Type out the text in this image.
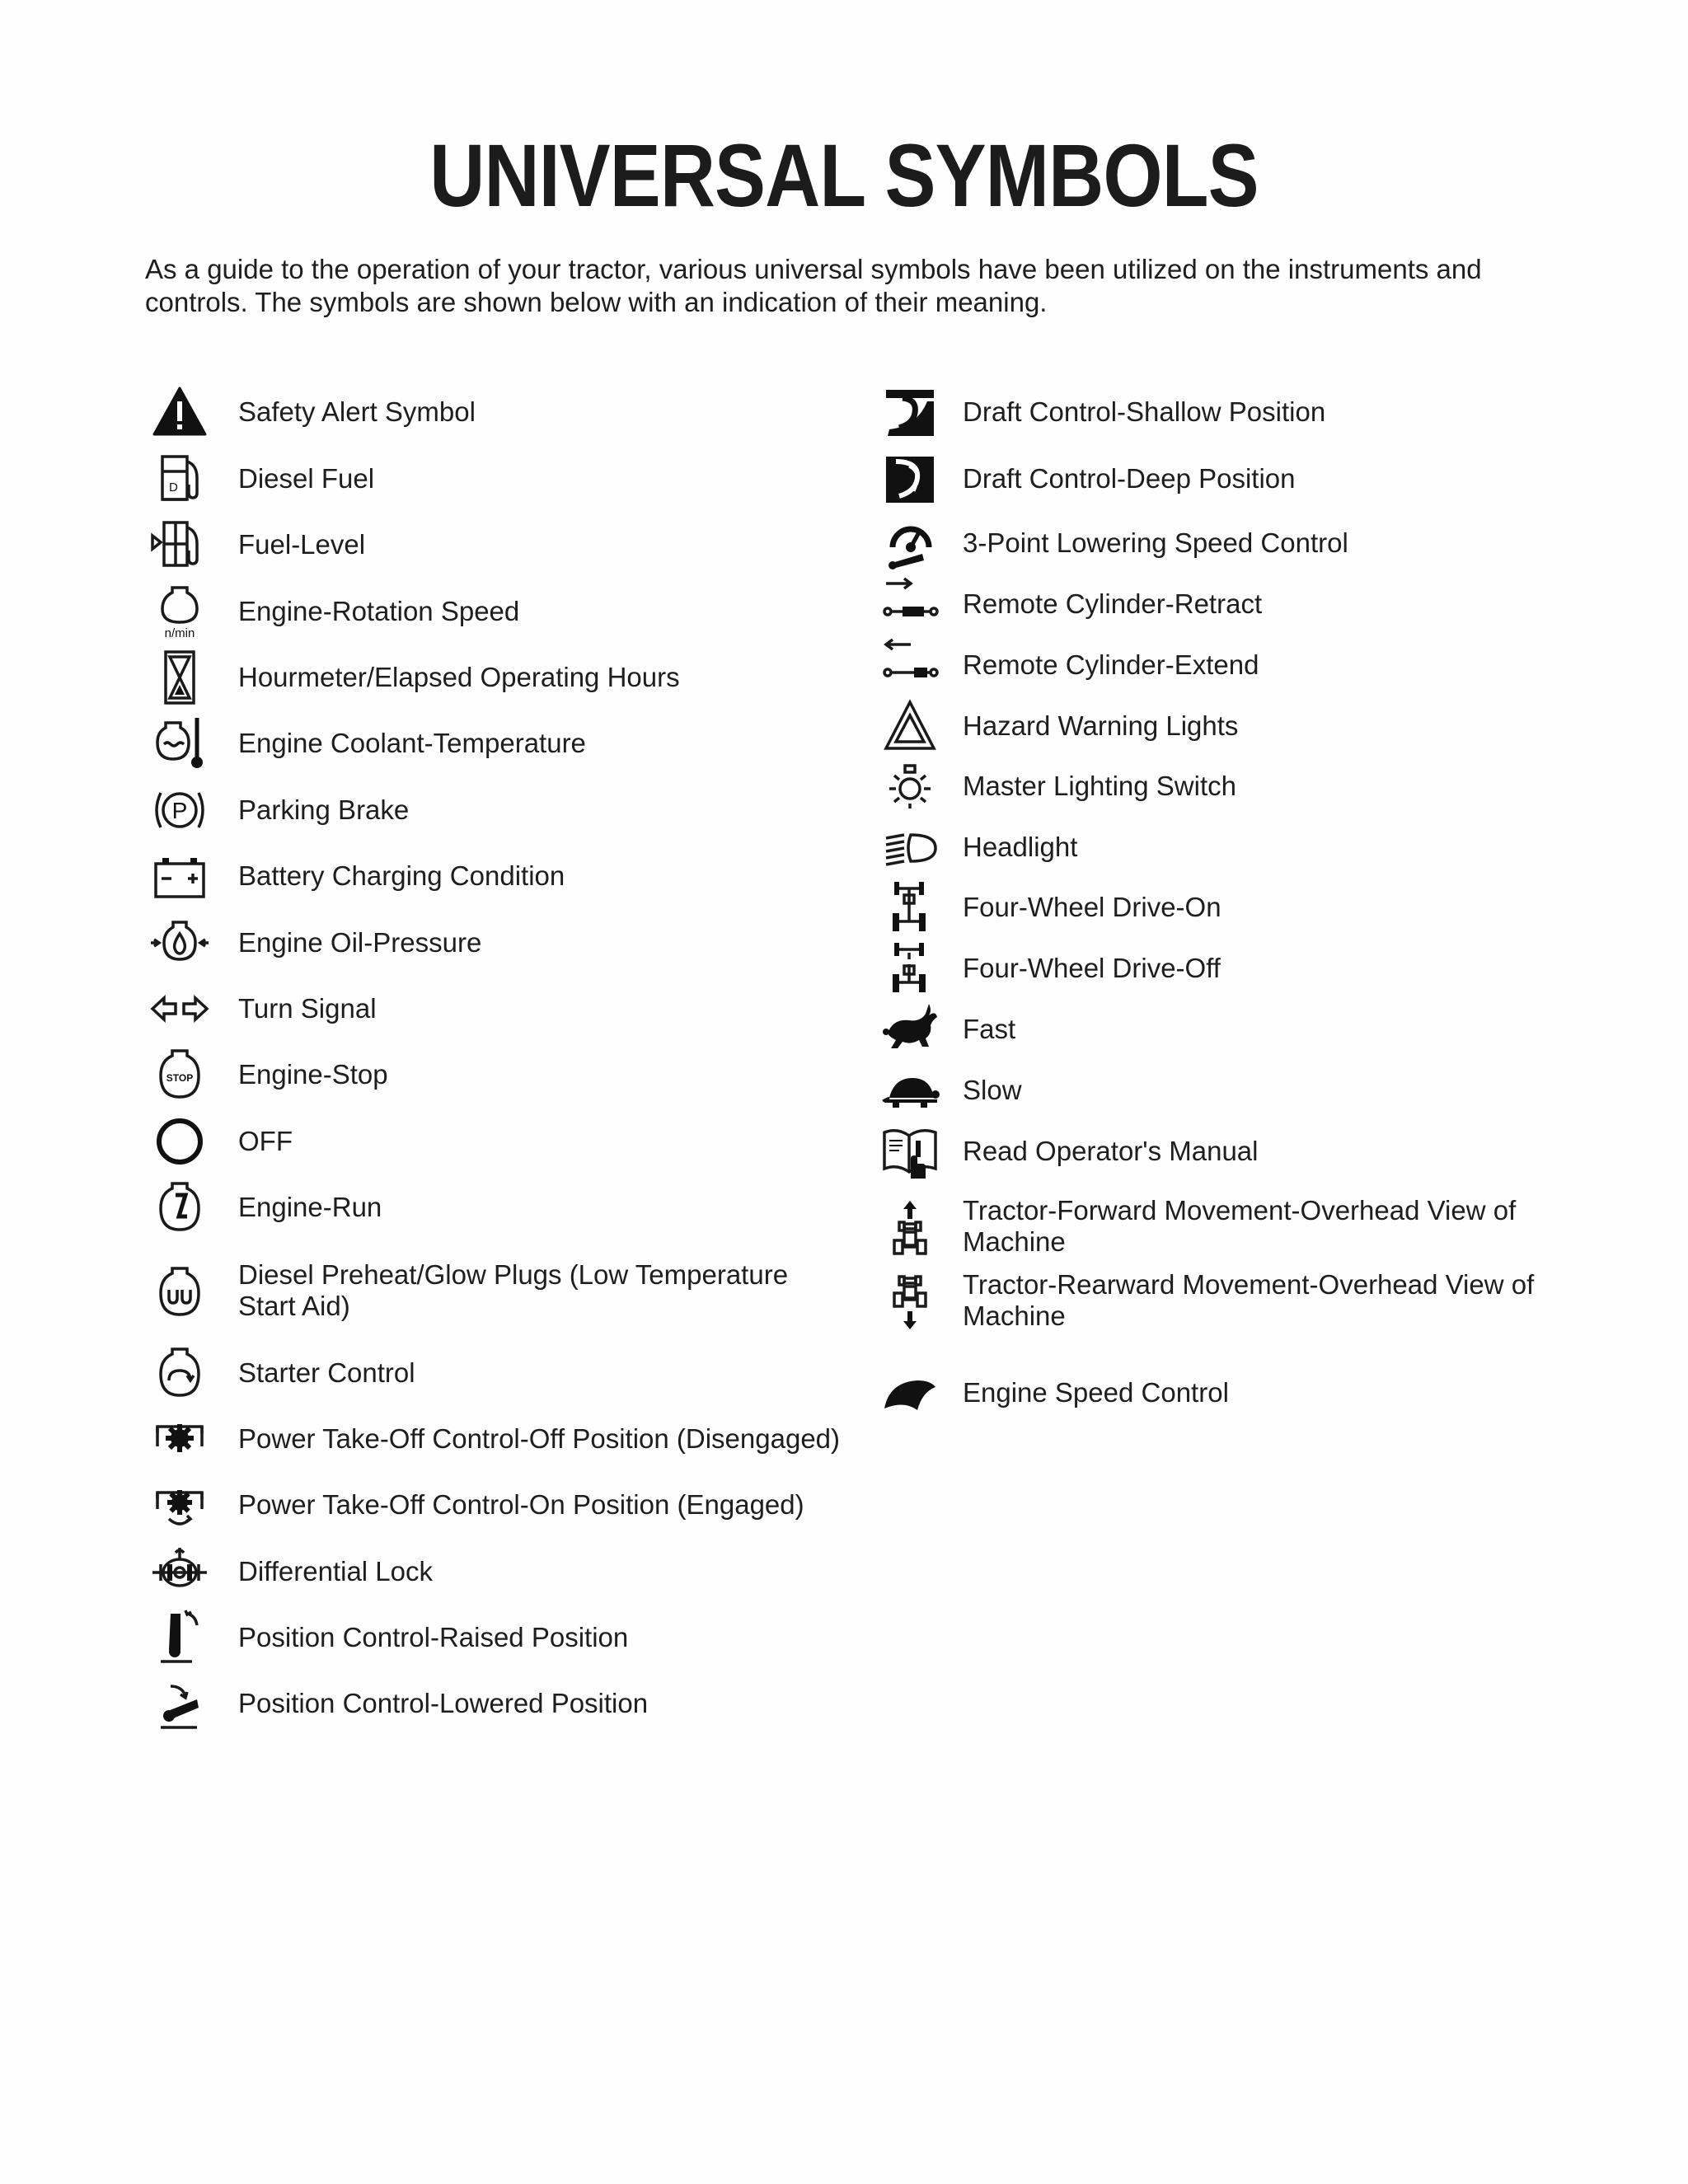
UNIVERSAL SYMBOLS

As a guide to the operation of your tractor, various universal symbols have been utilized on the instruments and controls. The symbols are shown below with an indication of their meaning.

Safety Alert Symbol
D Diesel Fuel
Fuel-Level
n/min
Engine-Rotation Speed
Hourmeter/Elapsed Operating Hours
Engine Coolant-Temperature
P Parking Brake
Battery Charging Condition
Engine Oil-Pressure
Turn Signal
STOP Engine-Stop
OFF
Engine-Run
Diesel Preheat/Glow Plugs (Low Temperature Start Aid)
Starter Control
Power Take-Off Control-Off Position (Disengaged)
Power Take-Off Control-On Position (Engaged)
Differential Lock
Position Control-Raised Position
Position Control-Lowered Position
Draft Control-Shallow Position
Draft Control-Deep Position
3-Point Lowering Speed Control
Remote Cylinder-Retract
Remote Cylinder-Extend
Hazard Warning Lights
Master Lighting Switch
Headlight
Four-Wheel Drive-On
Four-Wheel Drive-Off
Fast
Slow
Read Operator's Manual
Tractor-Forward Movement-Overhead View of Machine
Tractor-Rearward Movement-Overhead View of Machine
Engine Speed Control
